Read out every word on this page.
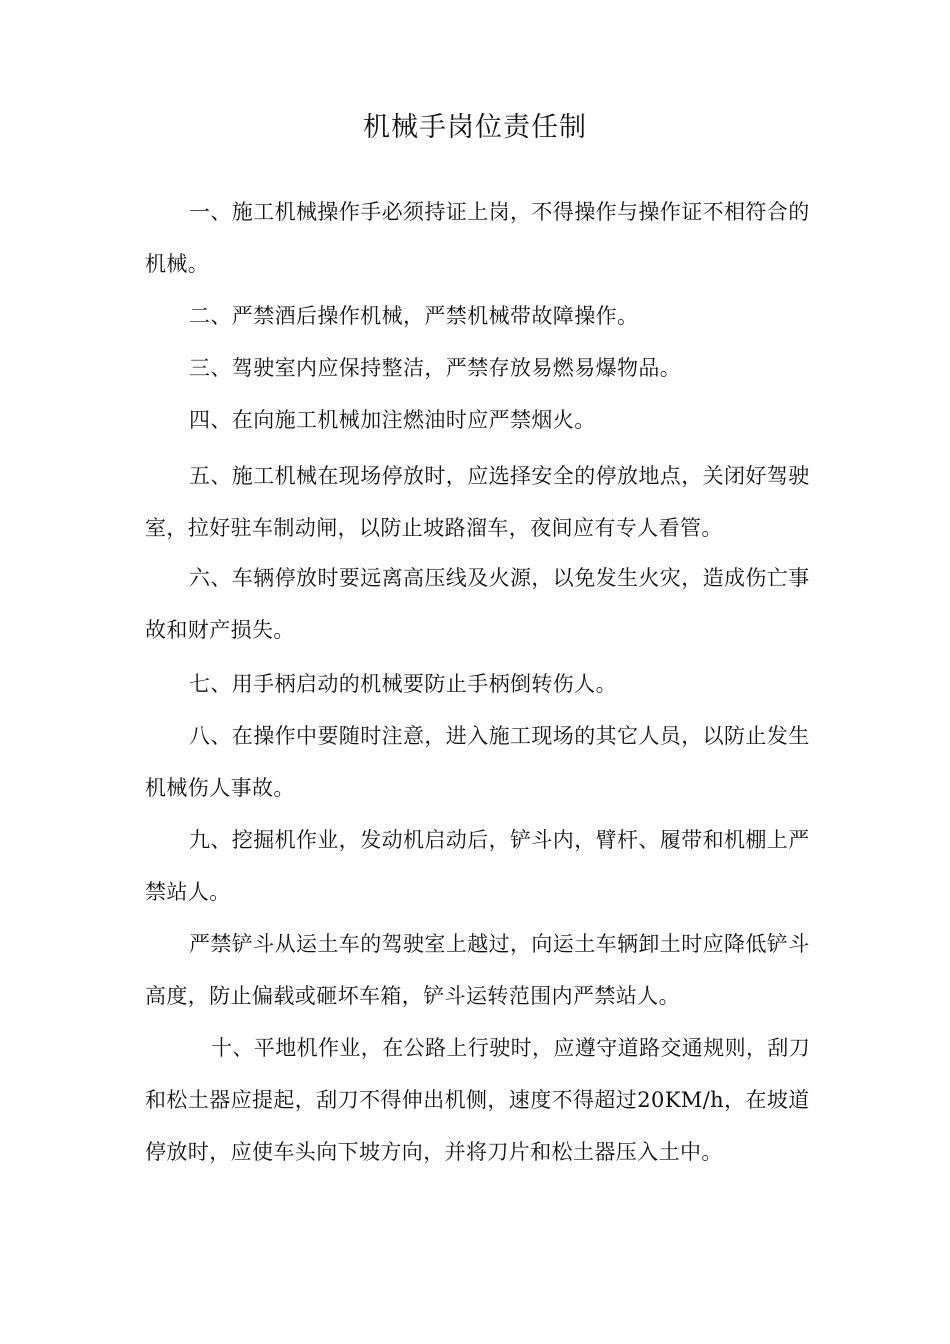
机械手岗位责任制

一、施工机械操作手必须持证上岗，不得操作与操作证不相符合的机械。

二、严禁酒后操作机械，严禁机械带故障操作。

三、驾驶室内应保持整洁，严禁存放易燃易爆物品。

四、在向施工机械加注燃油时应严禁烟火。

五、施工机械在现场停放时，应选择安全的停放地点，关闭好驾驶室，拉好驻车制动闸，以防止坡路溜车，夜间应有专人看管。

六、车辆停放时要远离高压线及火源，以免发生火灾，造成伤亡事故和财产损失。

七、用手柄启动的机械要防止手柄倒转伤人。

八、在操作中要随时注意，进入施工现场的其它人员，以防止发生机械伤人事故。

九、挖掘机作业，发动机启动后，铲斗内，臂杆、履带和机棚上严禁站人。

严禁铲斗从运土车的驾驶室上越过，向运土车辆卸土时应降低铲斗高度，防止偏载或砸坏车箱，铲斗运转范围内严禁站人。

十、平地机作业，在公路上行驶时，应遵守道路交通规则，刮刀和松土器应提起，刮刀不得伸出机侧，速度不得超过20KM/h，在坡道停放时，应使车头向下坡方向，并将刀片和松土器压入土中。
